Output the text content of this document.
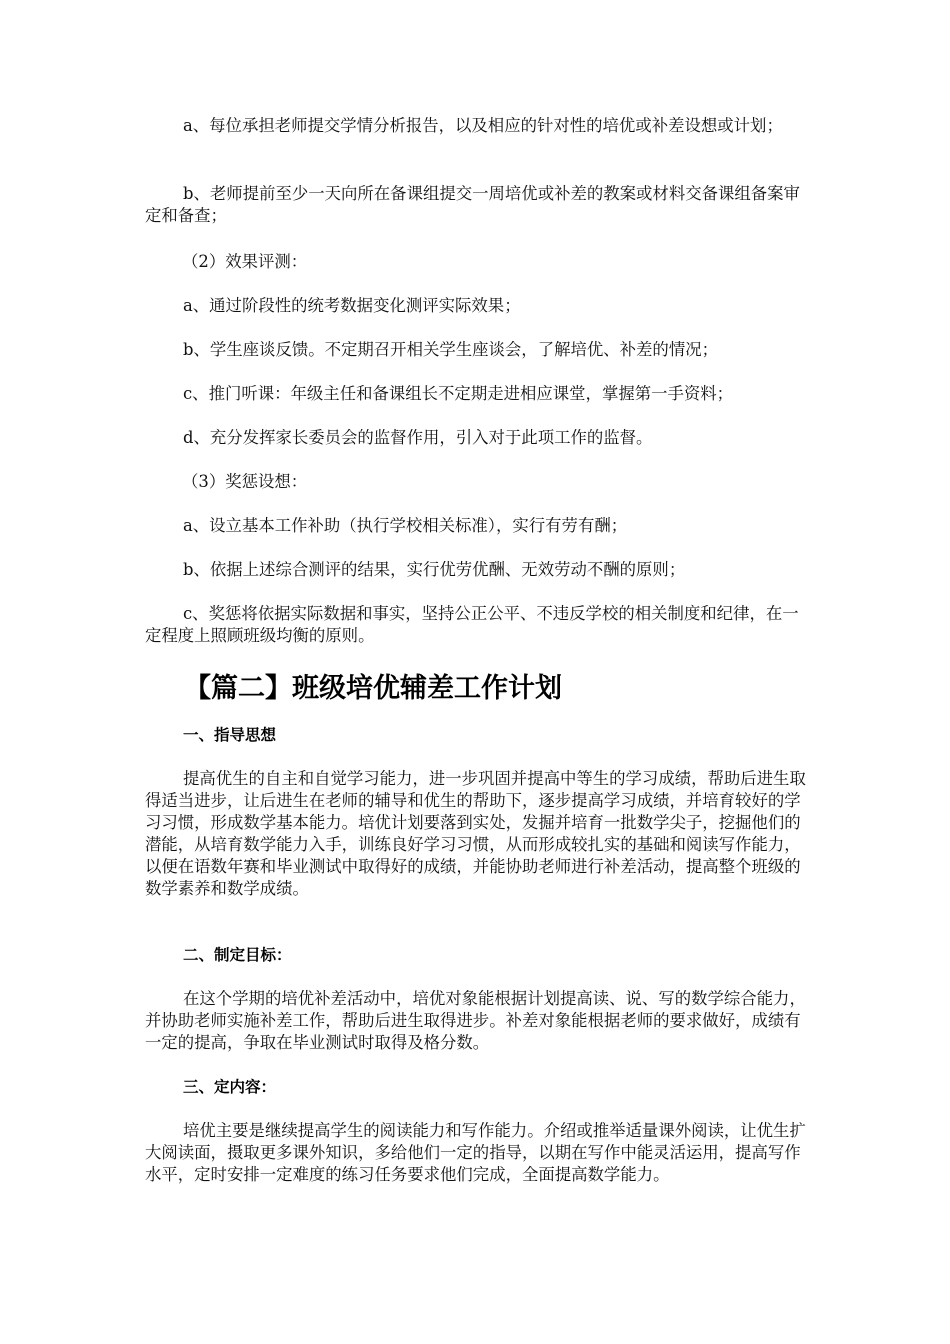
a、每位承担老师提交学情分析报告，以及相应的针对性的培优或补差设想或计划；

b、老师提前至少一天向所在备课组提交一周培优或补差的教案或材料交备课组备案审定和备查；

（2）效果评测：

a、通过阶段性的统考数据变化测评实际效果；

b、学生座谈反馈。不定期召开相关学生座谈会，了解培优、补差的情况；

c、推门听课：年级主任和备课组长不定期走进相应课堂，掌握第一手资料；

d、充分发挥家长委员会的监督作用，引入对于此项工作的监督。

（3）奖惩设想：

a、设立基本工作补助（执行学校相关标准），实行有劳有酬；

b、依据上述综合测评的结果，实行优劳优酬、无效劳动不酬的原则；

c、奖惩将依据实际数据和事实，坚持公正公平、不违反学校的相关制度和纪律，在一定程度上照顾班级均衡的原则。

【篇二】班级培优辅差工作计划
一、指导思想

提高优生的自主和自觉学习能力，进一步巩固并提高中等生的学习成绩，帮助后进生取得适当进步，让后进生在老师的辅导和优生的帮助下，逐步提高学习成绩，并培育较好的学习习惯，形成数学基本能力。培优计划要落到实处，发掘并培育一批数学尖子，挖掘他们的潜能，从培育数学能力入手，训练良好学习习惯，从而形成较扎实的基础和阅读写作能力，以便在语数年赛和毕业测试中取得好的成绩，并能协助老师进行补差活动，提高整个班级的数学素养和数学成绩。

二、制定目标：

在这个学期的培优补差活动中，培优对象能根据计划提高读、说、写的数学综合能力，并协助老师实施补差工作，帮助后进生取得进步。补差对象能根据老师的要求做好，成绩有一定的提高，争取在毕业测试时取得及格分数。

三、定内容：

培优主要是继续提高学生的阅读能力和写作能力。介绍或推举适量课外阅读，让优生扩大阅读面，摄取更多课外知识，多给他们一定的指导，以期在写作中能灵活运用，提高写作水平，定时安排一定难度的练习任务要求他们完成，全面提高数学能力。
